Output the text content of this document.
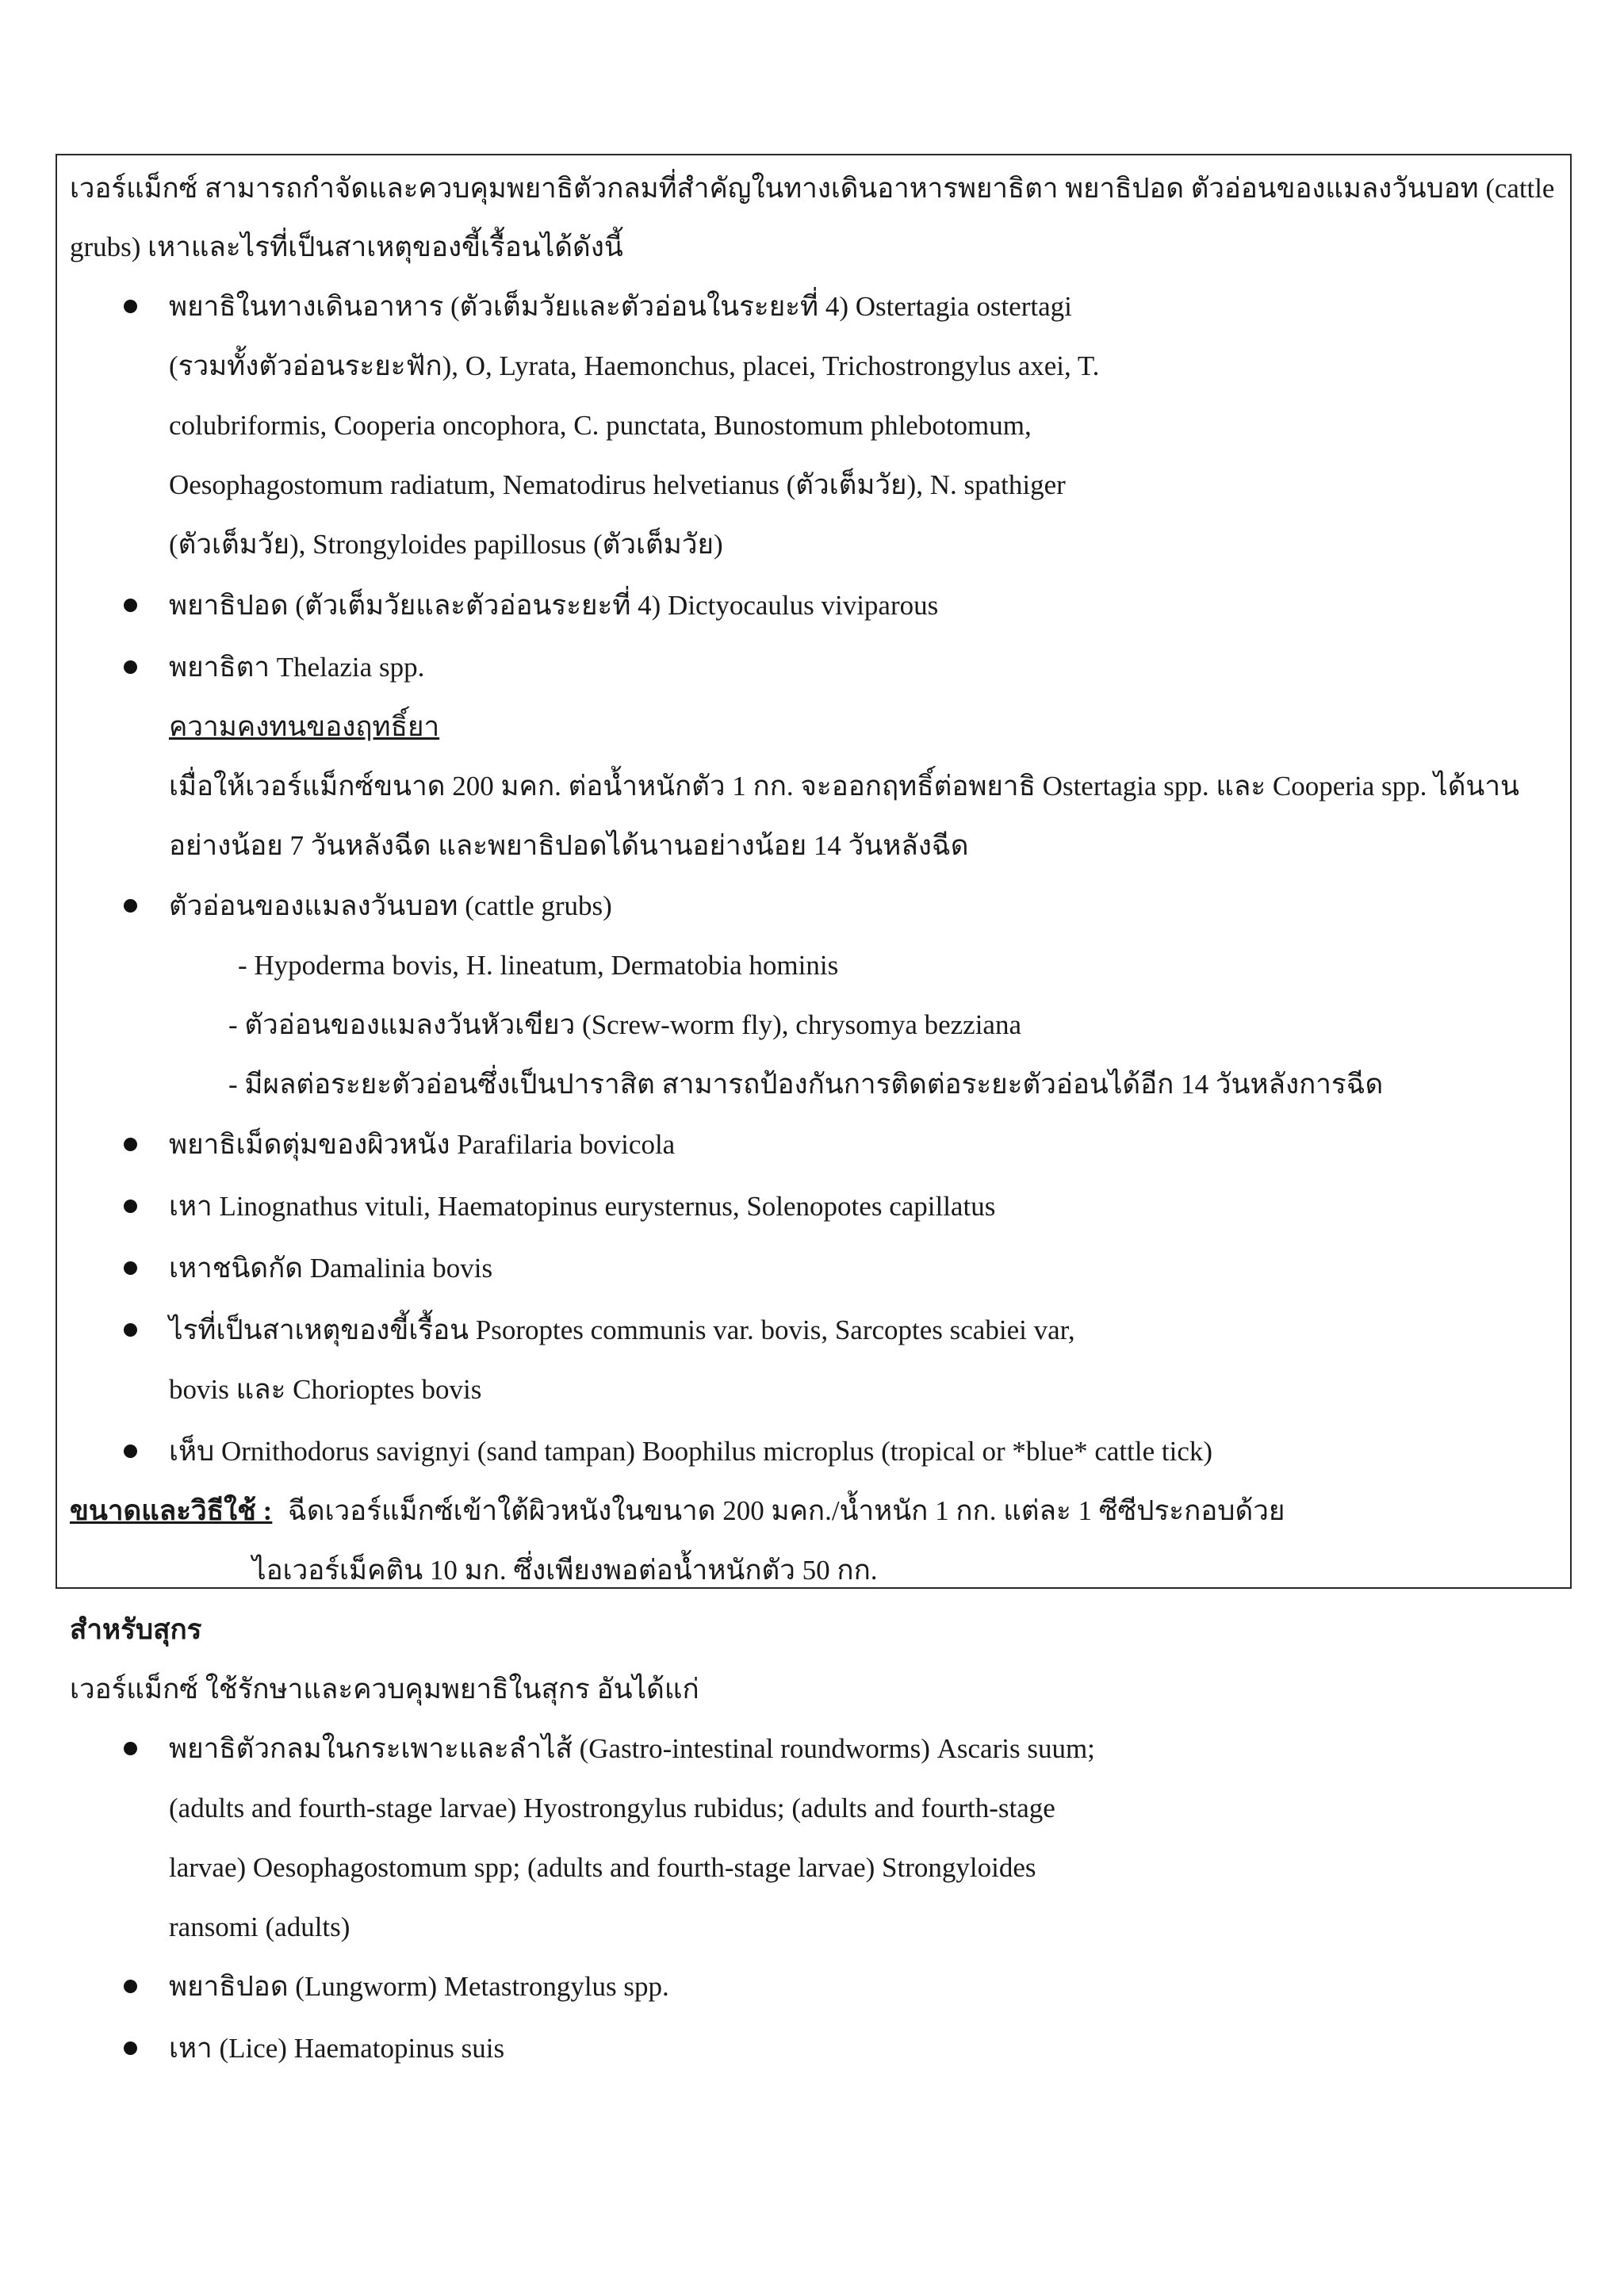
เวอร์แม็กซ์ สามารถกำจัดและควบคุมพยาธิตัวกลมที่สำคัญในทางเดินอาหารพยาธิตา พยาธิปอด ตัวอ่อนของแมลงวันบอท (cattle
grubs) เหาและไรที่เป็นสาเหตุของขี้เรื้อนได้ดังนี้
พยาธิในทางเดินอาหาร (ตัวเต็มวัยและตัวอ่อนในระยะที่ 4) Ostertagia ostertagi
(รวมทั้งตัวอ่อนระยะฟัก), O, Lyrata, Haemonchus, placei, Trichostrongylus axei, T.
colubriformis, Cooperia oncophora, C. punctata, Bunostomum phlebotomum,
Oesophagostomum radiatum, Nematodirus helvetianus (ตัวเต็มวัย), N. spathiger
(ตัวเต็มวัย), Strongyloides papillosus (ตัวเต็มวัย)
พยาธิปอด (ตัวเต็มวัยและตัวอ่อนระยะที่ 4) Dictyocaulus viviparous
พยาธิตา Thelazia spp.
ความคงทนของฤทธิ์ยา
เมื่อให้เวอร์แม็กซ์ขนาด 200 มคก. ต่อน้ำหนักตัว 1 กก. จะออกฤทธิ์ต่อพยาธิ Ostertagia spp. และ Cooperia spp. ได้นาน
อย่างน้อย 7 วันหลังฉีด และพยาธิปอดได้นานอย่างน้อย 14 วันหลังฉีด
ตัวอ่อนของแมลงวันบอท (cattle grubs)
- Hypoderma bovis, H. lineatum, Dermatobia hominis
- ตัวอ่อนของแมลงวันหัวเขียว (Screw-worm fly), chrysomya bezziana
- มีผลต่อระยะตัวอ่อนซึ่งเป็นปาราสิต สามารถป้องกันการติดต่อระยะตัวอ่อนได้อีก 14 วันหลังการฉีด
พยาธิเม็ดตุ่มของผิวหนัง Parafilaria bovicola
เหา Linognathus vituli, Haematopinus eurysternus, Solenopotes capillatus
เหาชนิดกัด Damalinia bovis
ไรที่เป็นสาเหตุของขี้เรื้อน Psoroptes communis var. bovis, Sarcoptes scabiei var,
bovis และ Chorioptes bovis
เห็บ Ornithodorus savignyi (sand tampan) Boophilus microplus (tropical or *blue* cattle tick)
ขนาดและวิธีใช้ : ฉีดเวอร์แม็กซ์เข้าใต้ผิวหนังในขนาด 200 มคก./น้ำหนัก 1 กก. แต่ละ 1 ซีซีประกอบด้วย
ไอเวอร์เม็คติน 10 มก. ซึ่งเพียงพอต่อน้ำหนักตัว 50 กก.
สำหรับสุกร
เวอร์แม็กซ์ ใช้รักษาและควบคุมพยาธิในสุกร อันได้แก่
พยาธิตัวกลมในกระเพาะและลำไส้ (Gastro-intestinal roundworms) Ascaris suum;
(adults and fourth-stage larvae) Hyostrongylus rubidus; (adults and fourth-stage
larvae) Oesophagostomum spp; (adults and fourth-stage larvae) Strongyloides
ransomi (adults)
พยาธิปอด (Lungworm) Metastrongylus spp.
เหา (Lice) Haematopinus suis
